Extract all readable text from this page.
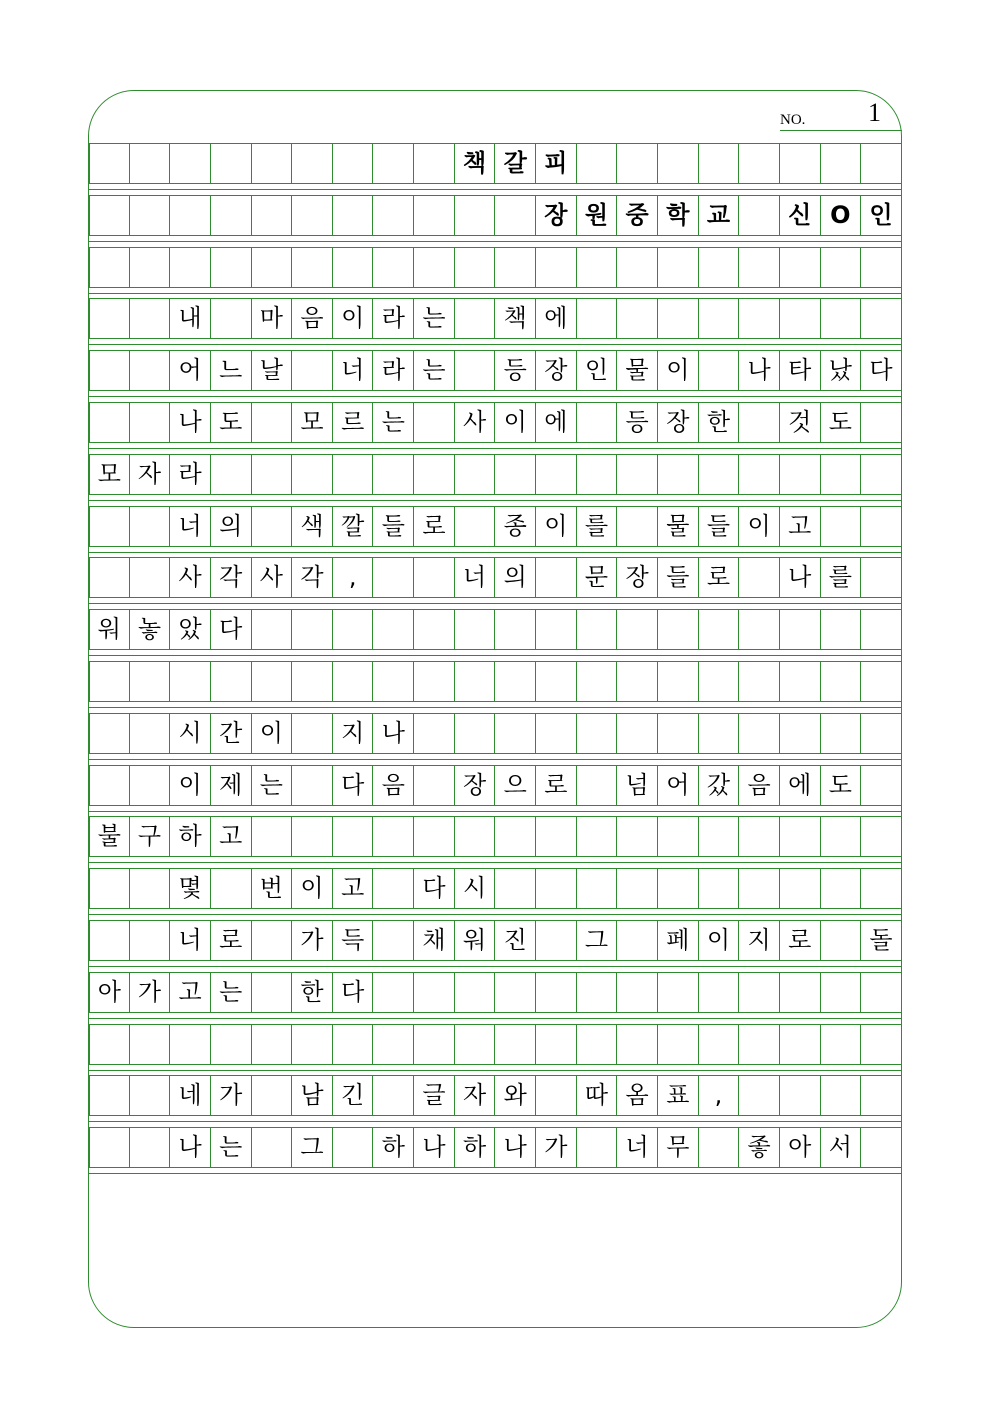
NO. 1
책 갈 피
장 원 중 학 교	신 O 인
내	마 음 이 라 는	책 에
어 느 날	너 라 는	등 장 인 물 이	나 타 났 다
나 도	모 르 는	사 이 에	등 장 한	것 도
모 자 라
너 의	색 깔 들 로	종 이 를	물 들 이 고
사 각 사 각	,	너 의	문 장 들 로	나 를
워 놓 았 다
시 간 이	지 나
이 제 는	다 음	장 으 로	넘 어 갔 음 에 도
불 구 하 고
몇	번 이 고	다 시
너 로	가 득	채 워 진	그	페 이 지 로	돌
아 가 고 는	한 다
네 가	남 긴	글 자 와	따 옴 표	,
나 는	그	하 나 하 나 가	너 무	좋 아 서
